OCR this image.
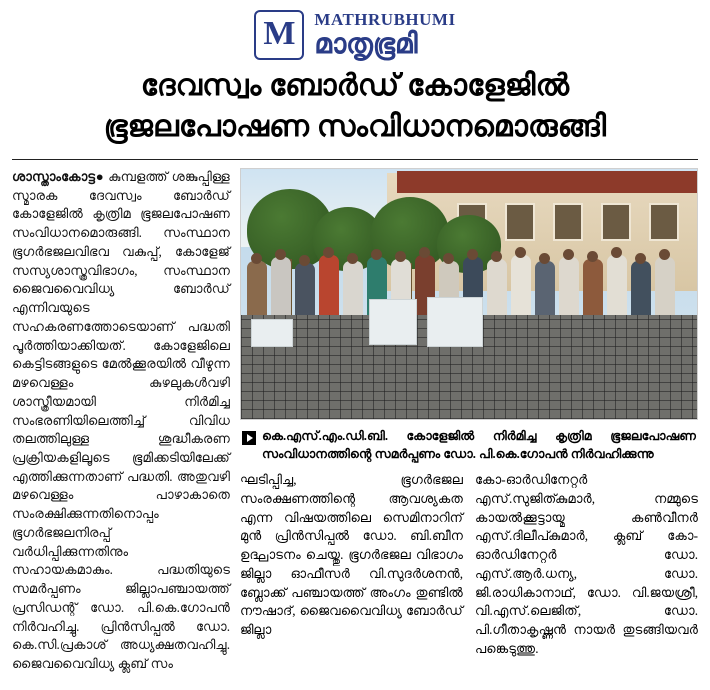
M MATHRUBHUMI
മാതൃഭൂമി
ദേവസ്വം ബോർഡ് കോളേജിൽ
ഭൂജലപോഷണ സംവിധാനമൊരുങ്ങി
ശാസ്താംകോട്ട● കുമ്പളത്ത് ശങ്കുപ്പിള്ള സ്മാരക ദേവസ്വം ബോർഡ് കോളേജിൽ കൃത്രിമ ഭൂജലപോഷണ സംവിധാനമൊരുങ്ങി. സംസ്ഥാന ഭൂഗർഭജലവിഭവ വകുപ്പ്, കോളേജ് സസ്യശാസ്ത്രവിഭാഗം, സംസ്ഥാന ജൈവവൈവിധ്യ ബോർഡ് എന്നിവയുടെ സഹകരണത്തോടെയാണ് പദ്ധതി പൂർത്തിയാക്കിയത്. കോളേജിലെ കെട്ടിടങ്ങളുടെ മേൽക്കൂരയിൽ വീഴുന്ന മഴവെള്ളം കുഴലുകൾവഴി ശാസ്ത്രീയമായി നിർമിച്ച സംഭരണിയിലെത്തിച്ച് വിവിധ തലത്തിലുള്ള ശുദ്ധീകരണ പ്രക്രിയകളിലൂടെ ഭൂമിക്കടിയിലേക്ക് എത്തിക്കുന്നതാണ് പദ്ധതി. അതുവഴി മഴവെള്ളം പാഴാകാതെ സംരക്ഷിക്കുന്നതിനൊപ്പം ഭൂഗർഭജലനിരപ്പ് വർധിപ്പിക്കുന്നതിനും സഹായകമാകും. പദ്ധതിയുടെ സമർപ്പണം ജില്ലാപഞ്ചായത്ത് പ്രസിഡന്റ് ഡോ. പി.കെ.ഗോപൻ നിർവഹിച്ചു. പ്രിൻസിപ്പൽ ഡോ. കെ.സി.പ്രകാശ് അധ്യക്ഷതവഹിച്ചു. ജൈവവൈവിധ്യ ക്ലബ് സം
കെ.എസ്.എം.ഡി.ബി. കോളേജിൽ നിർമിച്ച കൃത്രിമ ഭൂജലപോഷണ സംവിധാനത്തിന്റെ സമർപ്പണം ഡോ. പി.കെ.ഗോപൻ നിർവഹിക്കുന്നു
ഘടിപ്പിച്ച, ഭൂഗർഭജല സംരക്ഷണത്തിന്റെ ആവശ്യകത എന്ന വിഷയത്തിലെ സെമിനാറിന് മുൻ പ്രിൻസിപ്പൽ ഡോ. ബി.ബീന ഉദ്ഘാടനം ചെയ്തു. ഭൂഗർഭജല വിഭാഗം ജില്ലാ ഓഫീസർ വി.സുദർശനൻ, ബ്ലോക്ക് പഞ്ചായത്ത് അംഗം തുണ്ടിൽ നൗഷാദ്, ജൈവവൈവിധ്യ ബോർഡ് ജില്ലാ
കോ-ഓർഡിനേറ്റർ എസ്.സുജിത്കുമാർ, നമ്മുടെ കായൽക്കൂട്ടായ്മ കൺവീനർ എസ്.ദിലീപ്കുമാർ, ക്ലബ് കോ-ഓർഡിനേറ്റർ ഡോ. എസ്.ആർ.ധന്യ, ഡോ. ജി.രാധികാനാഥ്, ഡോ. വി.ജയശ്രീ, വി.എസ്.ലെജിത്, ഡോ. പി.ഗീതാകൃഷ്ണൻ നായർ തുടങ്ങിയവർ പങ്കെടുത്തു.
